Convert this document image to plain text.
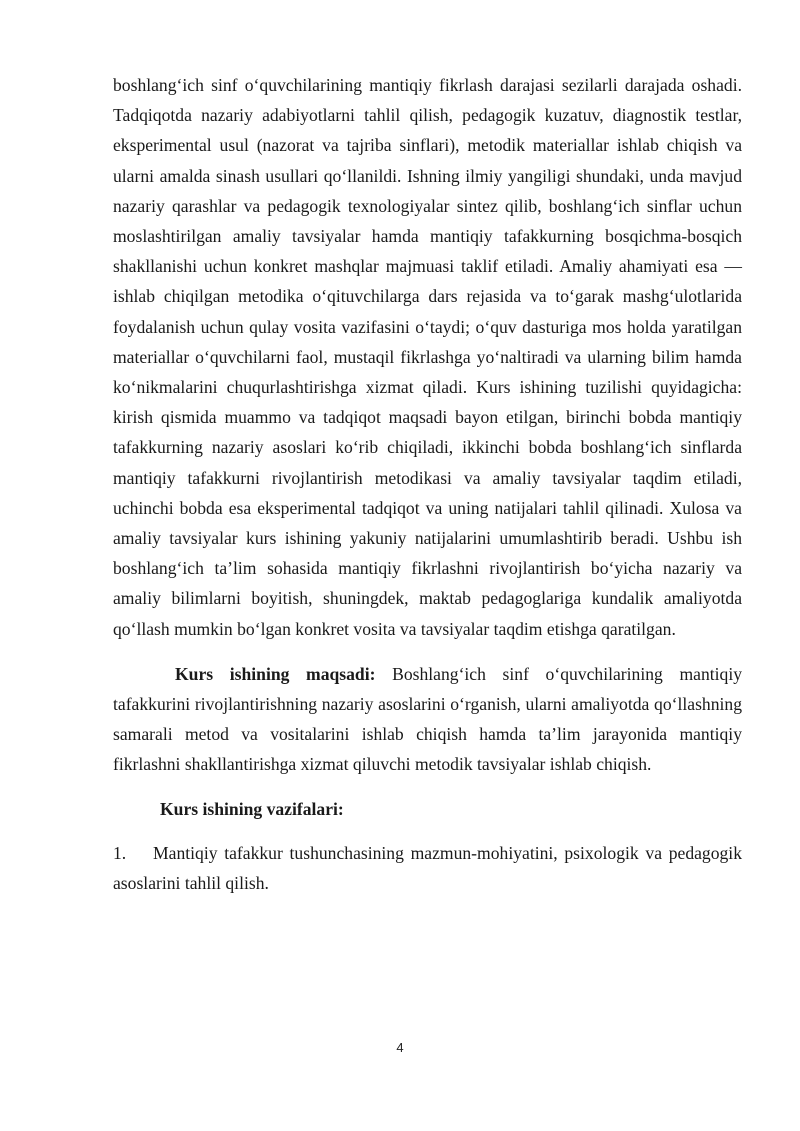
boshlang‘ich sinf o‘quvchilarining mantiqiy fikrlash darajasi sezilarli darajada oshadi. Tadqiqotda nazariy adabiyotlarni tahlil qilish, pedagogik kuzatuv, diagnostik testlar, eksperimental usul (nazorat va tajriba sinflari), metodik materiallar ishlab chiqish va ularni amalda sinash usullari qo‘llanildi. Ishning ilmiy yangiligi shundaki, unda mavjud nazariy qarashlar va pedagogik texnologiyalar sintez qilib, boshlang‘ich sinflar uchun moslashtirilgan amaliy tavsiyalar hamda mantiqiy tafakkurning bosqichma-bosqich shakllanishi uchun konkret mashqlar majmuasi taklif etiladi. Amaliy ahamiyati esa — ishlab chiqilgan metodika o‘qituvchilarga dars rejasida va to‘garak mashg‘ulotlarida foydalanish uchun qulay vosita vazifasini o‘taydi; o‘quv dasturiga mos holda yaratilgan materiallar o‘quvchilarni faol, mustaqil fikrlashga yo‘naltiradi va ularning bilim hamda ko‘nikmalarini chuqurlashtirishga xizmat qiladi. Kurs ishining tuzilishi quyidagicha: kirish qismida muammo va tadqiqot maqsadi bayon etilgan, birinchi bobda mantiqiy tafakkurning nazariy asoslari ko‘rib chiqiladi, ikkinchi bobda boshlang‘ich sinflarda mantiqiy tafakkurni rivojlantirish metodikasi va amaliy tavsiyalar taqdim etiladi, uchinchi bobda esa eksperimental tadqiqot va uning natijalari tahlil qilinadi. Xulosa va amaliy tavsiyalar kurs ishining yakuniy natijalarini umumlashtirib beradi. Ushbu ish boshlang‘ich ta’lim sohasida mantiqiy fikrlashni rivojlantirish bo‘yicha nazariy va amaliy bilimlarni boyitish, shuningdek, maktab pedagoglariga kundalik amaliyotda qo‘llash mumkin bo‘lgan konkret vosita va tavsiyalar taqdim etishga qaratilgan.

Kurs ishining maqsadi: Boshlang‘ich sinf o‘quvchilarining mantiqiy tafakkurini rivojlantirishning nazariy asoslarini o‘rganish, ularni amaliyotda qo‘llashning samarali metod va vositalarini ishlab chiqish hamda ta’lim jarayonida mantiqiy fikrlashni shakllantirishga xizmat qiluvchi metodik tavsiyalar ishlab chiqish.

Kurs ishining vazifalari:

1. Mantiqiy tafakkur tushunchasining mazmun-mohiyatini, psixologik va pedagogik asoslarini tahlil qilish.

4
